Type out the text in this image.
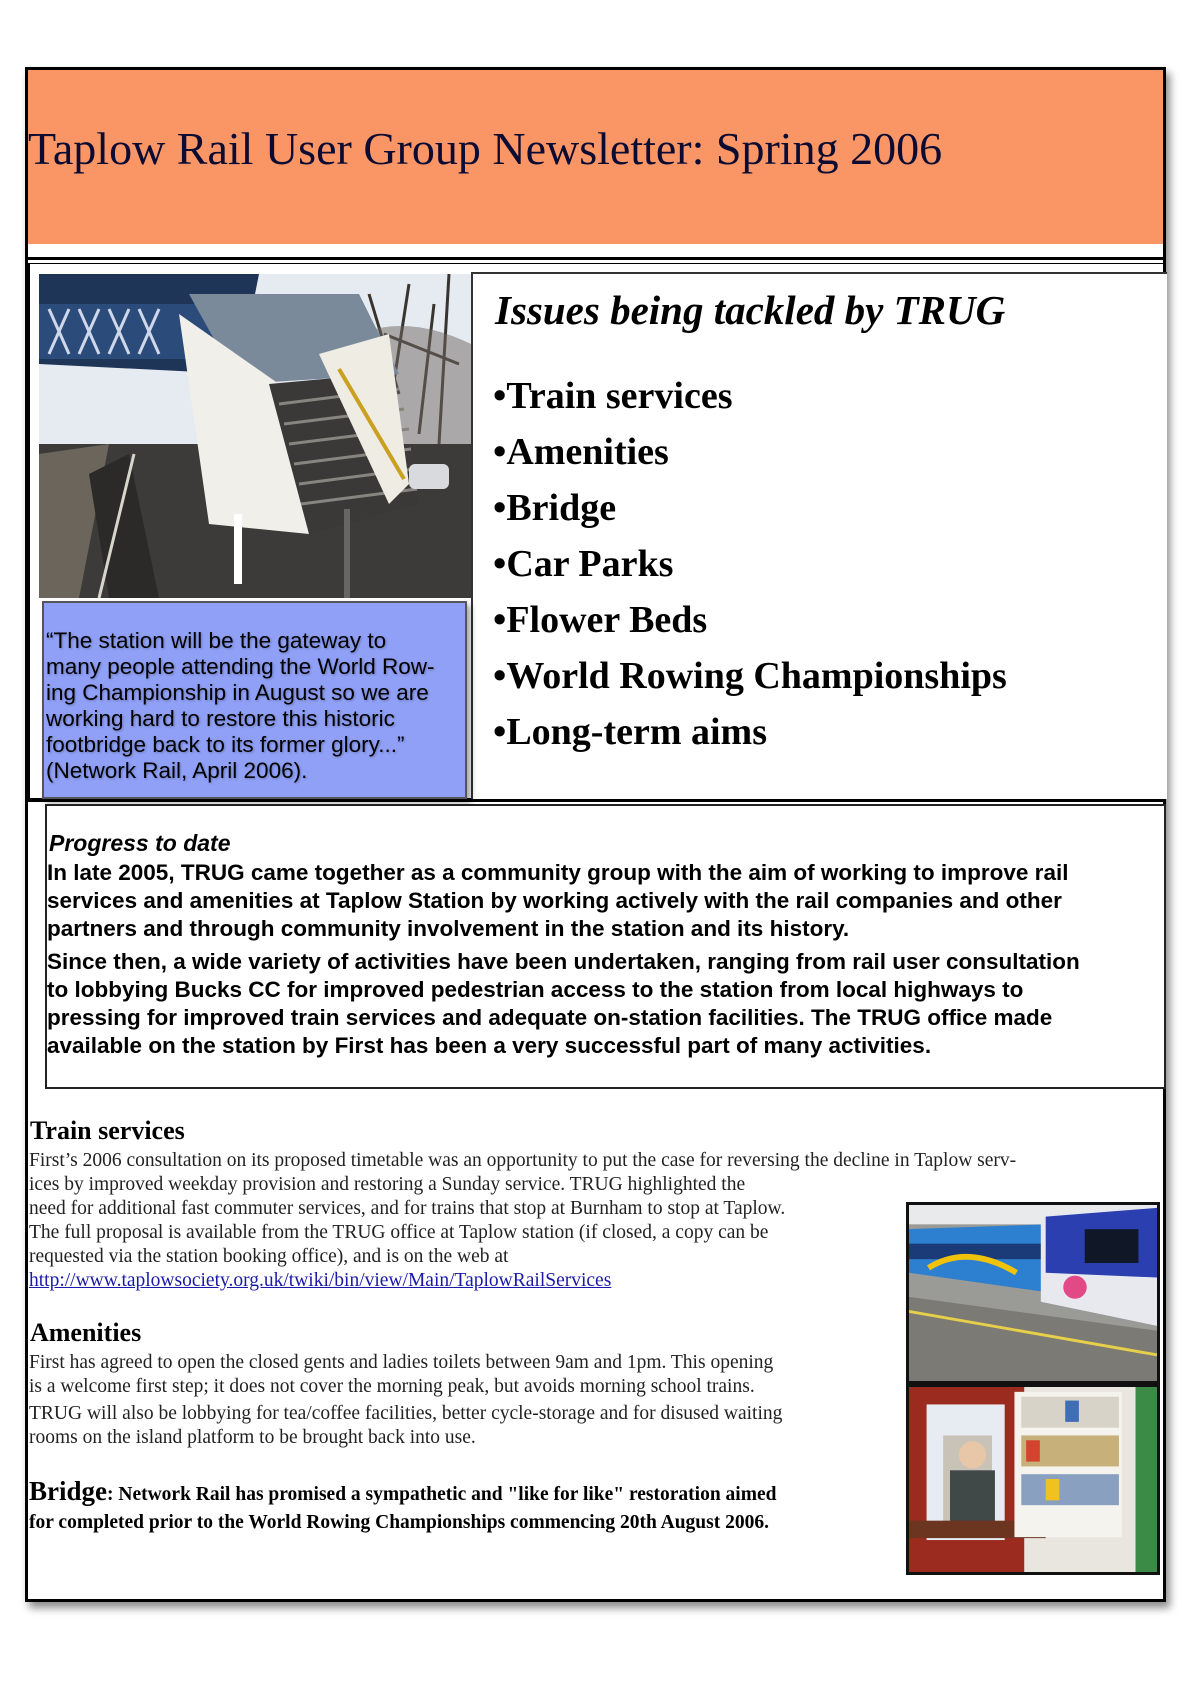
Taplow Rail User Group Newsletter: Spring 2006
Issues being tackled by TRUG
• Train services
• Amenities
• Bridge
• Car Parks
• Flower Beds
• World Rowing Championships
• Long-term aims
“The station will be the gateway to
many people attending the World Row-
ing Championship in August so we are
working hard to restore this historic
footbridge back to its former glory...”
(Network Rail, April 2006).
Progress to date
In late 2005, TRUG came together as a community group with the aim of working to improve rail
services and amenities at Taplow Station by working actively with the rail companies and other
partners and through community involvement in the station and its history.
Since then, a wide variety of activities have been undertaken, ranging from rail user consultation
to lobbying Bucks CC for improved pedestrian access to the station from local highways to
pressing for improved train services and adequate on-station facilities. The TRUG office made
available on the station by First has been a very successful part of many activities.
Train services
First’s 2006 consultation on its proposed timetable was an opportunity to put the case for reversing the decline in Taplow serv-
ices by improved weekday provision and restoring a Sunday service. TRUG highlighted the
need for additional fast commuter services, and for trains that stop at Burnham to stop at Taplow.
The full proposal is available from the TRUG office at Taplow station (if closed, a copy can be
requested via the station booking office), and is on the web at
http://www.taplowsociety.org.uk/twiki/bin/view/Main/TaplowRailServices
Amenities
First has agreed to open the closed gents and ladies toilets between 9am and 1pm. This opening
is a welcome first step; it does not cover the morning peak, but avoids morning school trains.
TRUG will also be lobbying for tea/coffee facilities, better cycle-storage and for disused waiting
rooms on the island platform to be brought back into use.

Bridge: Network Rail has promised a sympathetic and "like for like" restoration aimed
for completed prior to the World Rowing Championships commencing 20th August 2006.
